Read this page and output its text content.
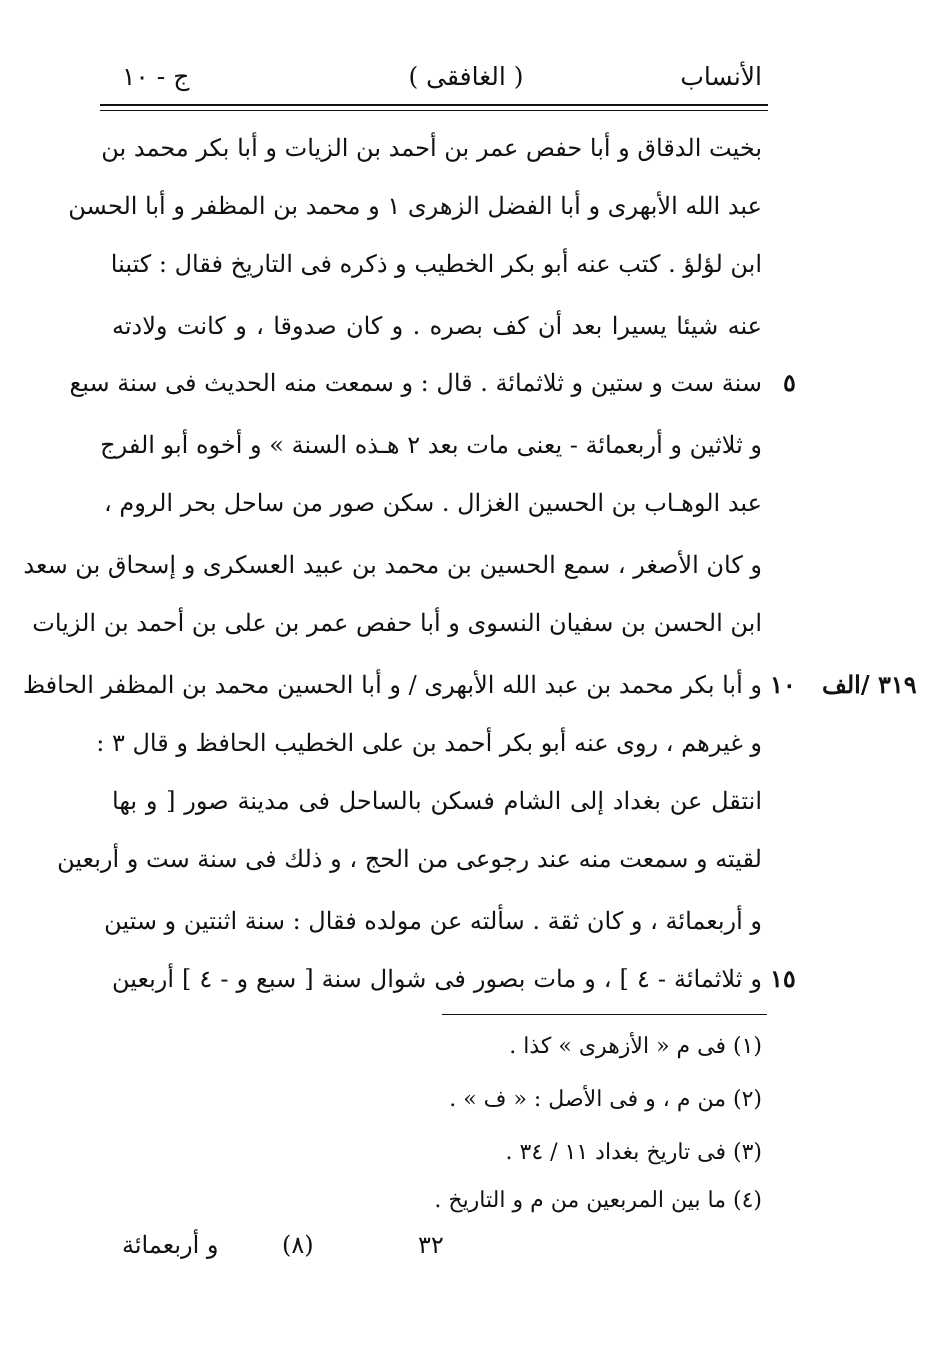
الأنساب
( الغافقى )
ج - ١٠
بخيت الدقاق و أبا حفص عمر بن أحمد بن الزيات و أبا بكر محمد بن
عبد الله الأبهرى و أبا الفضل الزهرى ١ و محمد بن المظفر و أبا الحسن
ابن لؤلؤ . كتب عنه أبو بكر الخطيب و ذكره فى التاريخ فقال : كتبنا
عنه شيئا يسيرا بعد أن كف بصره . و كان صدوقا ، و كانت ولادته
سنة ست و ستين و ثلاثمائة . قال : و سمعت منه الحديث فى سنة سبع
و ثلاثين و أربعمائة - يعنى مات بعد ٢ هـذه السنة » و أخوه أبو الفرج
عبد الوهـاب بن الحسين الغزال . سكن صور من ساحل بحر الروم ،
و كان الأصغر ، سمع الحسين بن محمد بن عبيد العسكرى و إسحاق بن سعد
ابن الحسن بن سفيان النسوى و أبا حفص عمر بن على بن أحمد بن الزيات
و أبا بكر محمد بن عبد الله الأبهرى / و أبا الحسين محمد بن المظفر الحافظ
و غيرهم ، روى عنه أبو بكر أحمد بن على الخطيب الحافظ و قال ٣ :
انتقل عن بغداد إلى الشام فسكن بالساحل فى مدينة صور [ و بها
لقيته و سمعت منه عند رجوعى من الحج ، و ذلك فى سنة ست و أربعين
و أربعمائة ، و كان ثقة . سألته عن مولده فقال : سنة اثنتين و ستين
و ثلاثمائة - ٤ ] ، و مات بصور فى شوال سنة [ سبع و - ٤ ] أربعين
٥
٣١٩ /الف
١٠
١٥
(١) فى م « الأزهرى » كذا .
(٢) من م ، و فى الأصل : « ف » .
(٣) فى تاريخ بغداد ١١ / ٣٤ .
(٤) ما بين المربعين من م و التاريخ .
و أربعمائة	(٨)	٣٢
